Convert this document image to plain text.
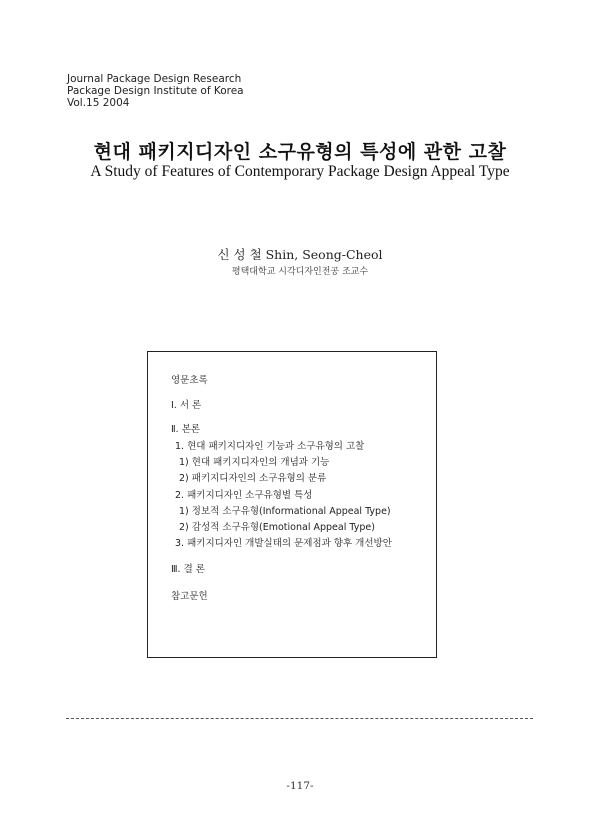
Journal Package Design Research
Package Design Institute of Korea
Vol.15 2004
현대 패키지디자인 소구유형의 특성에 관한 고찰
A Study of Features of Contemporary Package Design Appeal Type
신 성 철 Shin, Seong-Cheol
평택대학교 시각디자인전공 조교수
영문초록
Ⅰ. 서 론
Ⅱ. 본론
1. 현대 패키지디자인 기능과 소구유형의 고찰
1) 현대 패키지디자인의 개념과 기능
2) 패키지디자인의 소구유형의 분류
2. 패키지디자인 소구유형별 특성
1) 정보적 소구유형(Informational Appeal Type)
2) 감성적 소구유형(Emotional Appeal Type)
3. 패키지디자인 개발실태의 문제점과 향후 개선방안
Ⅲ. 결 론
참고문헌
-117-
